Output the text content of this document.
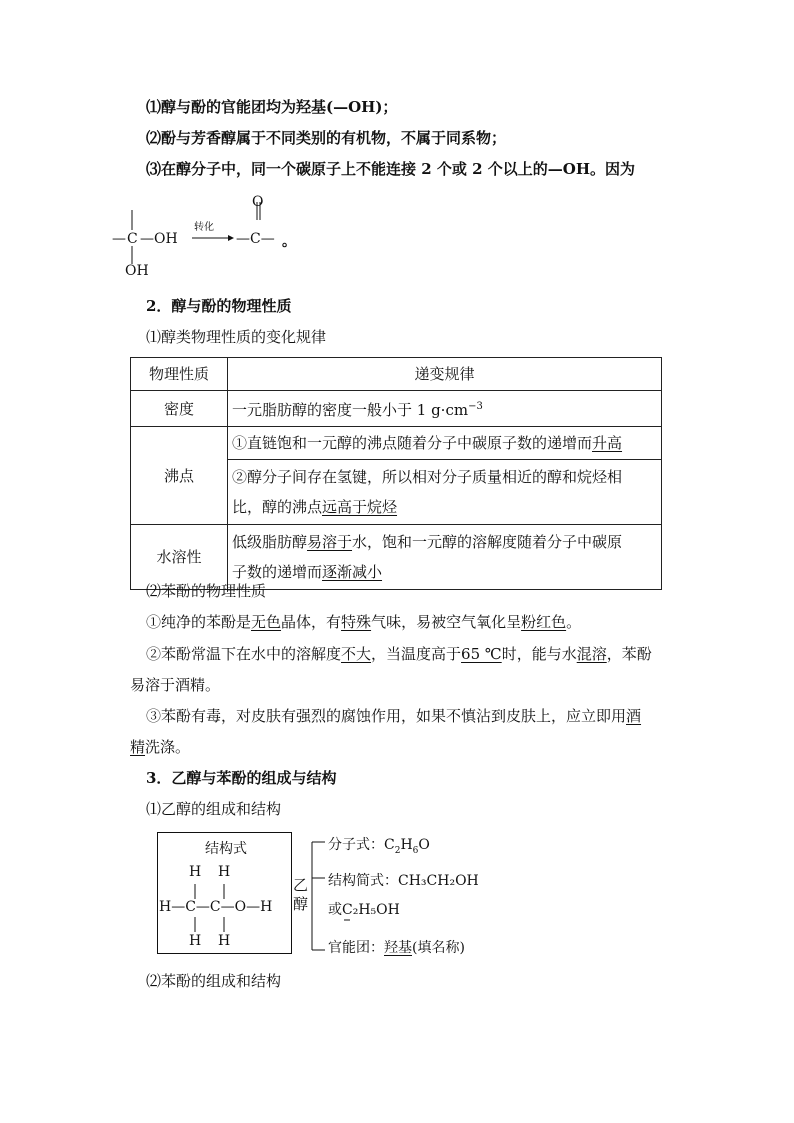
⑴醇与酚的官能团均为羟基(—OH)；
⑵酚与芳香醇属于不同类别的有机物，不属于同系物；
⑶在醇分子中，同一个碳原子上不能连接 2 个或 2 个以上的—OH。因为
— C —OH
OH
转化
O
—C— 。
2．醇与酚的物理性质
⑴醇类物理性质的变化规律
物理性质	递变规律
密度	一元脂肪醇的密度一般小于 1 $g\cdot cm^{-3}$
沸点	①直链饱和一元醇的沸点随着分子中碳原子数的递增而升高
	②醇分子间存在氢键，所以相对分子质量相近的醇和烷烃相
比，醇的沸点远高于烷烃
水溶性	低级脂肪醇易溶于水，饱和一元醇的溶解度随着分子中碳原
子数的递增而逐渐减小
⑵苯酚的物理性质
①纯净的苯酚是无色晶体，有特殊气味，易被空气氧化呈粉红色。
②苯酚常温下在水中的溶解度不大，当温度高于65 ℃时，能与水混溶，苯酚
易溶于酒精。
③苯酚有毒，对皮肤有强烈的腐蚀作用，如果不慎沾到皮肤上，应立即用酒
精洗涤。
3．乙醇与苯酚的组成与结构
⑴乙醇的组成和结构
结构式
H H
H—C—C—O—H
H H
乙
醇
分子式：$C_2H_6O$
结构简式：CH₃CH₂OH
或C₂H₅OH
官能团：羟基(填名称)
⑵苯酚的组成和结构
